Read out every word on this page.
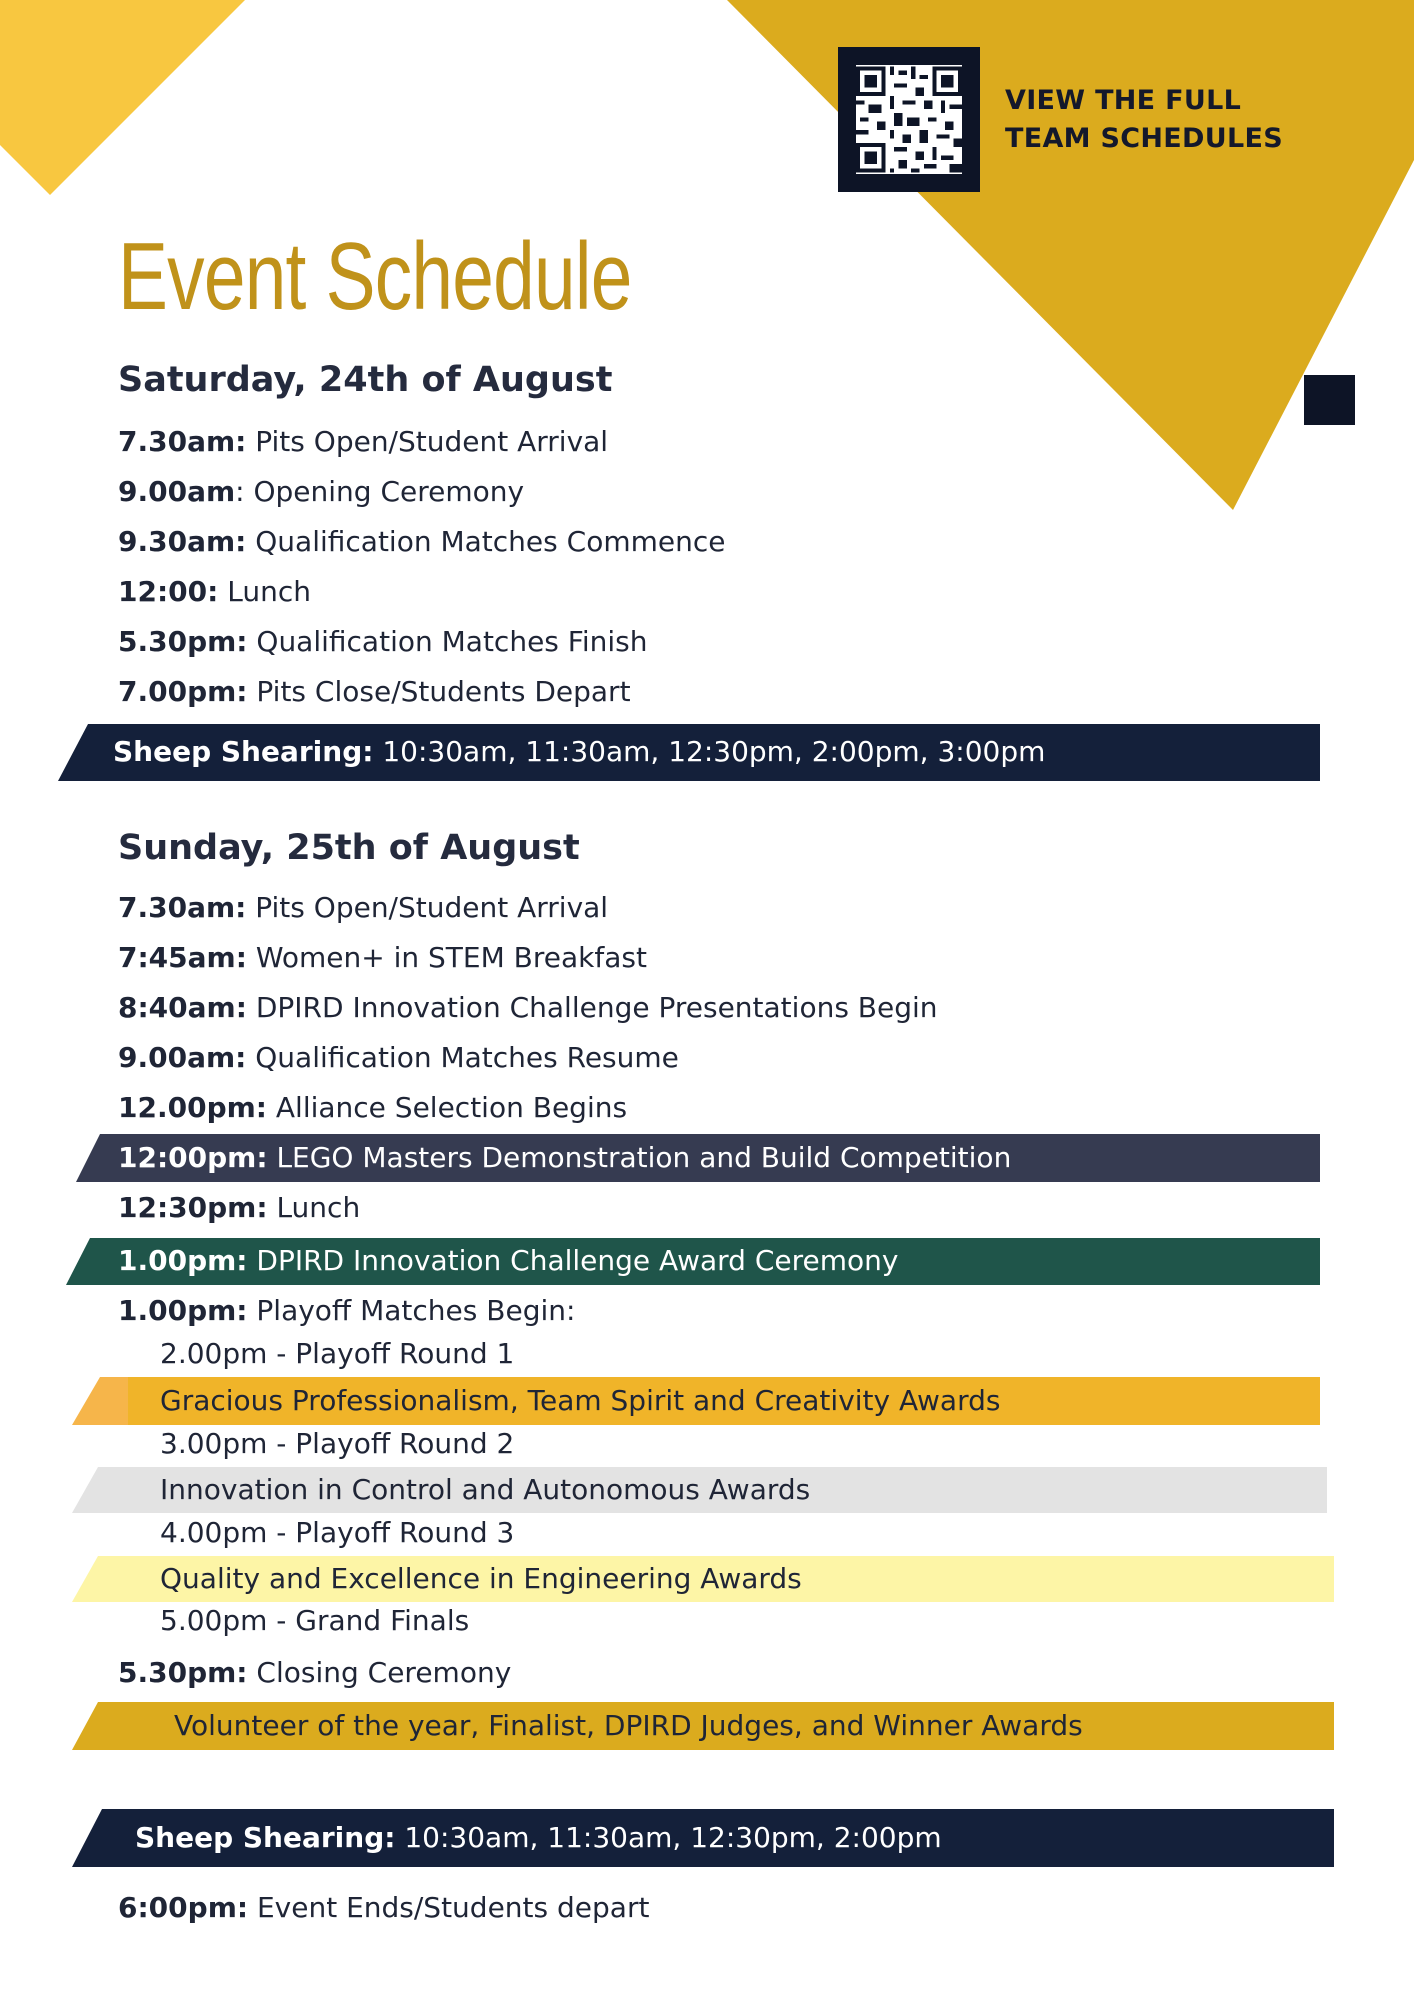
VIEW THE FULL TEAM SCHEDULES
Event Schedule
Saturday, 24th of August
7.30am: Pits Open/Student Arrival
9.00am: Opening Ceremony
9.30am: Qualification Matches Commence
12:00: Lunch
5.30pm: Qualification Matches Finish
7.00pm: Pits Close/Students Depart
Sheep Shearing: 10:30am, 11:30am, 12:30pm, 2:00pm, 3:00pm
Sunday, 25th of August
7.30am: Pits Open/Student Arrival
7:45am: Women+ in STEM Breakfast
8:40am: DPIRD Innovation Challenge Presentations Begin
9.00am: Qualification Matches Resume
12.00pm: Alliance Selection Begins
12:00pm: LEGO Masters Demonstration and Build Competition
12:30pm: Lunch
1.00pm: DPIRD Innovation Challenge Award Ceremony
1.00pm: Playoff Matches Begin:
2.00pm - Playoff Round 1
Gracious Professionalism, Team Spirit and Creativity Awards
3.00pm - Playoff Round 2
Innovation in Control and Autonomous Awards
4.00pm - Playoff Round 3
Quality and Excellence in Engineering Awards
5.00pm - Grand Finals
5.30pm: Closing Ceremony
Volunteer of the year, Finalist, DPIRD Judges, and Winner Awards
Sheep Shearing: 10:30am, 11:30am, 12:30pm, 2:00pm
6:00pm: Event Ends/Students depart
